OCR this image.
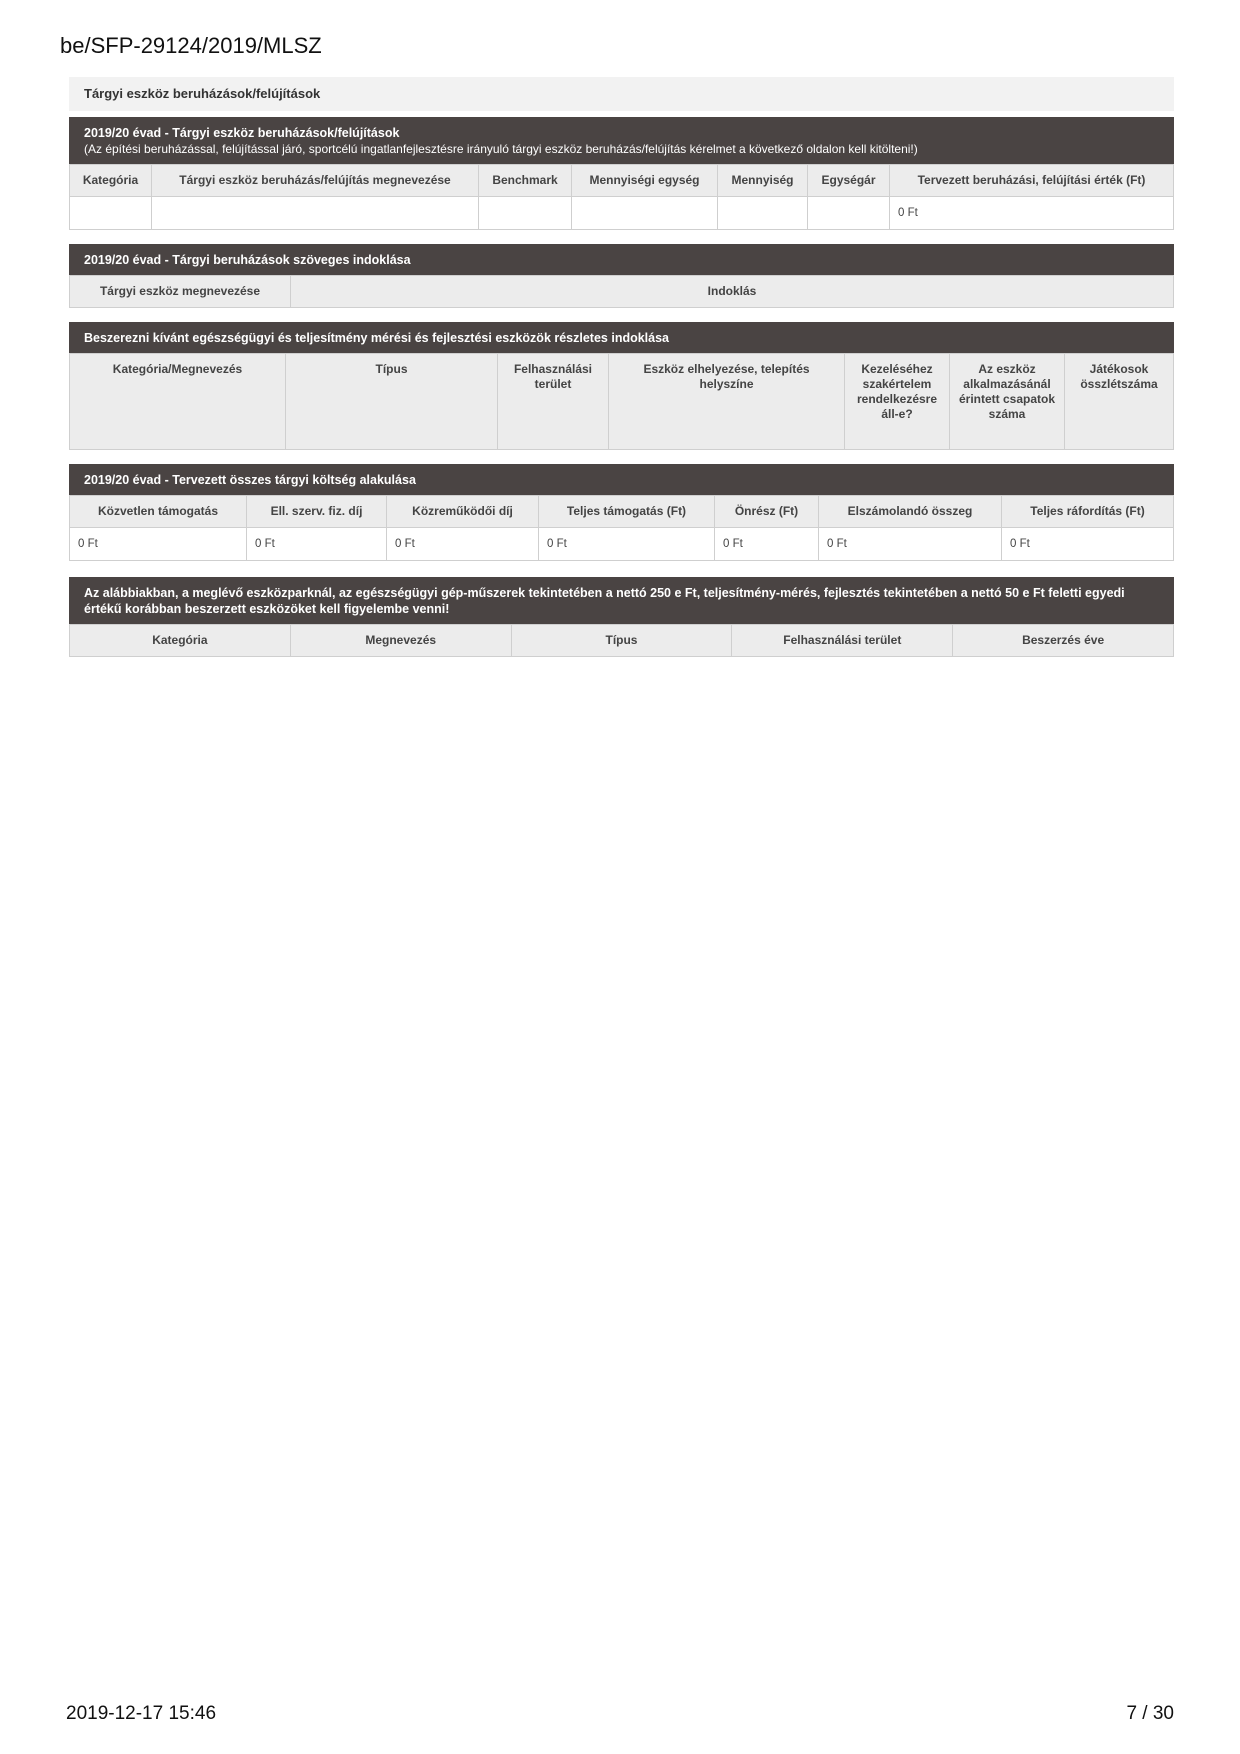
be/SFP-29124/2019/MLSZ
Tárgyi eszköz beruházások/felújítások
2019/20 évad - Tárgyi eszköz beruházások/felújítások
(Az építési beruházással, felújítással járó, sportcélú ingatlanfejlesztésre irányuló tárgyi eszköz beruházás/felújítás kérelmet a következő oldalon kell kitölteni!)
Kategória	Tárgyi eszköz beruházás/felújítás megnevezése	Benchmark	Mennyiségi egység	Mennyiség	Egységár	Tervezett beruházási, felújítási érték (Ft)
						0 Ft
2019/20 évad - Tárgyi beruházások szöveges indoklása
Tárgyi eszköz megnevezése	Indoklás
Beszerezni kívánt egészségügyi és teljesítmény mérési és fejlesztési eszközök részletes indoklása
Kategória/Megnevezés	Típus	Felhasználási terület	Eszköz elhelyezése, telepítés helyszíne	Kezeléséhez szakértelem rendelkezésre áll-e?	Az eszköz alkalmazásánál érintett csapatok száma	Játékosok összlétszáma
2019/20 évad - Tervezett összes tárgyi költség alakulása
Közvetlen támogatás	Ell. szerv. fiz. díj	Közreműködői díj	Teljes támogatás (Ft)	Önrész (Ft)	Elszámolandó összeg	Teljes ráfordítás (Ft)
0 Ft	0 Ft	0 Ft	0 Ft	0 Ft	0 Ft	0 Ft
Az alábbiakban, a meglévő eszközparknál, az egészségügyi gép-műszerek tekintetében a nettó 250 e Ft, teljesítmény-mérés, fejlesztés tekintetében a nettó 50 e Ft feletti egyedi értékű korábban beszerzett eszközöket kell figyelembe venni!
Kategória	Megnevezés	Típus	Felhasználási terület	Beszerzés éve
2019-12-17 15:46	7 / 30
